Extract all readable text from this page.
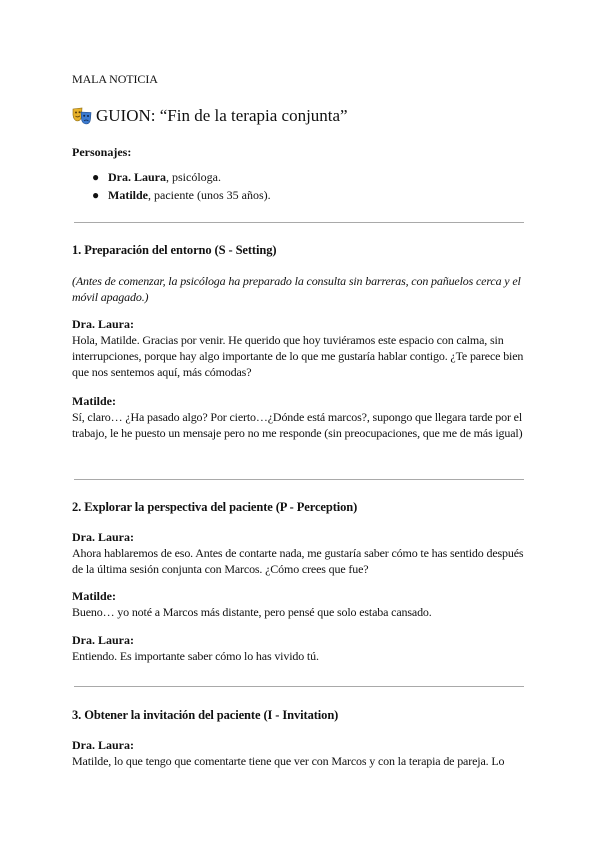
MALA NOTICIA
GUION: “Fin de la terapia conjunta”
Personajes:
● Dra. Laura, psicóloga.
● Matilde, paciente (unos 35 años).
1. Preparación del entorno (S - Setting)
(Antes de comenzar, la psicóloga ha preparado la consulta sin barreras, con pañuelos cerca y el móvil apagado.)
Dra. Laura:
Hola, Matilde. Gracias por venir. He querido que hoy tuviéramos este espacio con calma, sin interrupciones, porque hay algo importante de lo que me gustaría hablar contigo. ¿Te parece bien que nos sentemos aquí, más cómodas?
Matilde:
Sí, claro… ¿Ha pasado algo? Por cierto…¿Dónde está marcos?, supongo que llegara tarde por el trabajo, le he puesto un mensaje pero no me responde (sin preocupaciones, que me de más igual)
2. Explorar la perspectiva del paciente (P - Perception)
Dra. Laura:
Ahora hablaremos de eso. Antes de contarte nada, me gustaría saber cómo te has sentido después de la última sesión conjunta con Marcos. ¿Cómo crees que fue?
Matilde:
Bueno… yo noté a Marcos más distante, pero pensé que solo estaba cansado.
Dra. Laura:
Entiendo. Es importante saber cómo lo has vivido tú.
3. Obtener la invitación del paciente (I - Invitation)
Dra. Laura:
Matilde, lo que tengo que comentarte tiene que ver con Marcos y con la terapia de pareja. Lo
